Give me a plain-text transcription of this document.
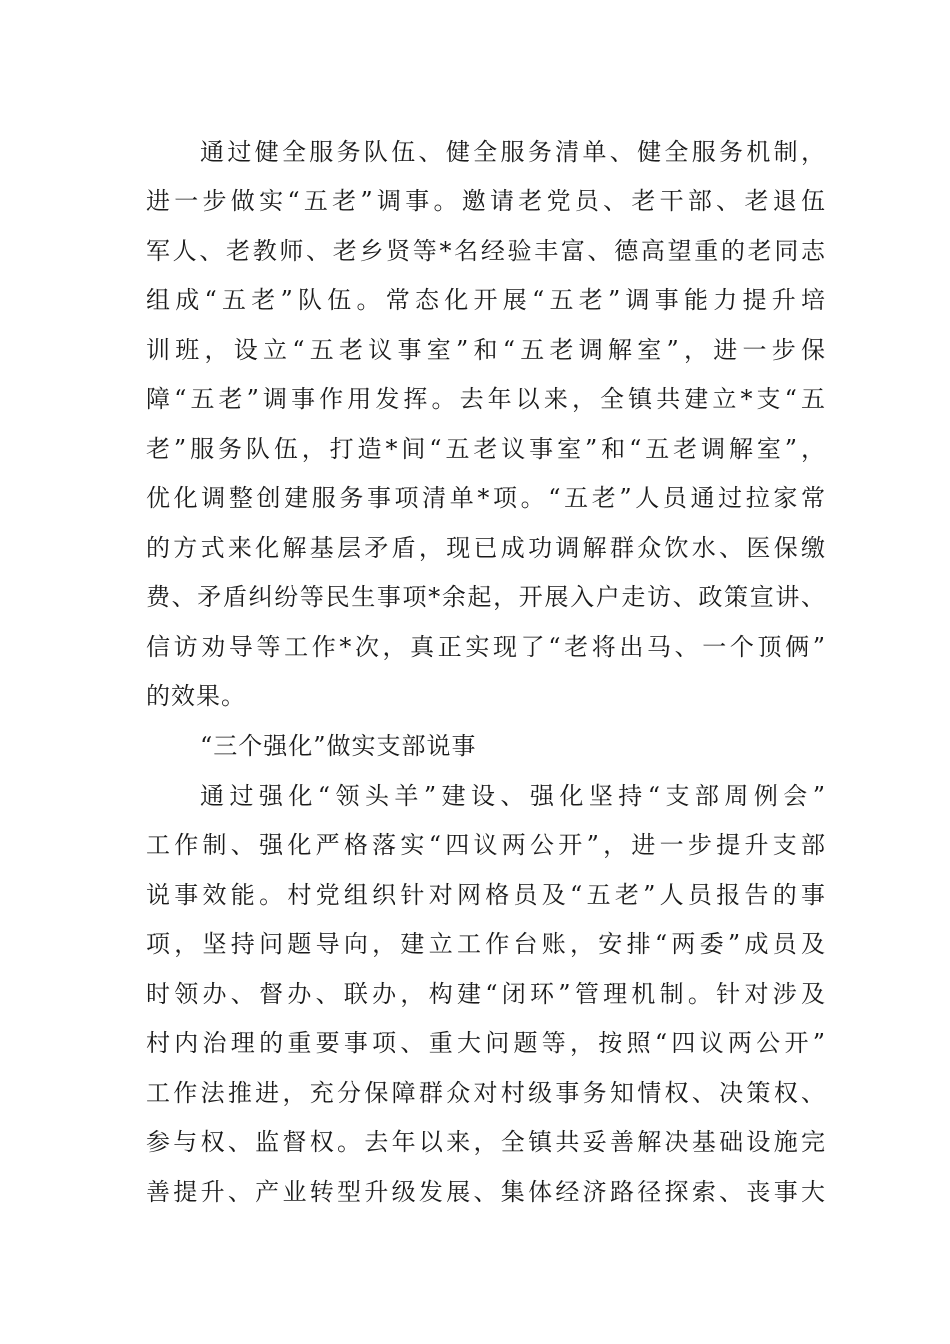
通过健全服务队伍、健全服务清单、健全服务机制，
进一步做实“五老”调事。邀请老党员、老干部、老退伍
军人、老教师、老乡贤等*名经验丰富、德高望重的老同志
组成“五老”队伍。常态化开展“五老”调事能力提升培
训班，设立“五老议事室”和“五老调解室”，进一步保
障“五老”调事作用发挥。去年以来，全镇共建立*支“五
老”服务队伍，打造*间“五老议事室”和“五老调解室”，
优化调整创建服务事项清单*项。“五老”人员通过拉家常
的方式来化解基层矛盾，现已成功调解群众饮水、医保缴
费、矛盾纠纷等民生事项*余起，开展入户走访、政策宣讲、
信访劝导等工作*次，真正实现了“老将出马、一个顶俩”
的效果。
“三个强化”做实支部说事
通过强化“领头羊”建设、强化坚持“支部周例会”
工作制、强化严格落实“四议两公开”，进一步提升支部
说事效能。村党组织针对网格员及“五老”人员报告的事
项，坚持问题导向，建立工作台账，安排“两委”成员及
时领办、督办、联办，构建“闭环”管理机制。针对涉及
村内治理的重要事项、重大问题等，按照“四议两公开”
工作法推进，充分保障群众对村级事务知情权、决策权、
参与权、监督权。去年以来，全镇共妥善解决基础设施完
善提升、产业转型升级发展、集体经济路径探索、丧事大
